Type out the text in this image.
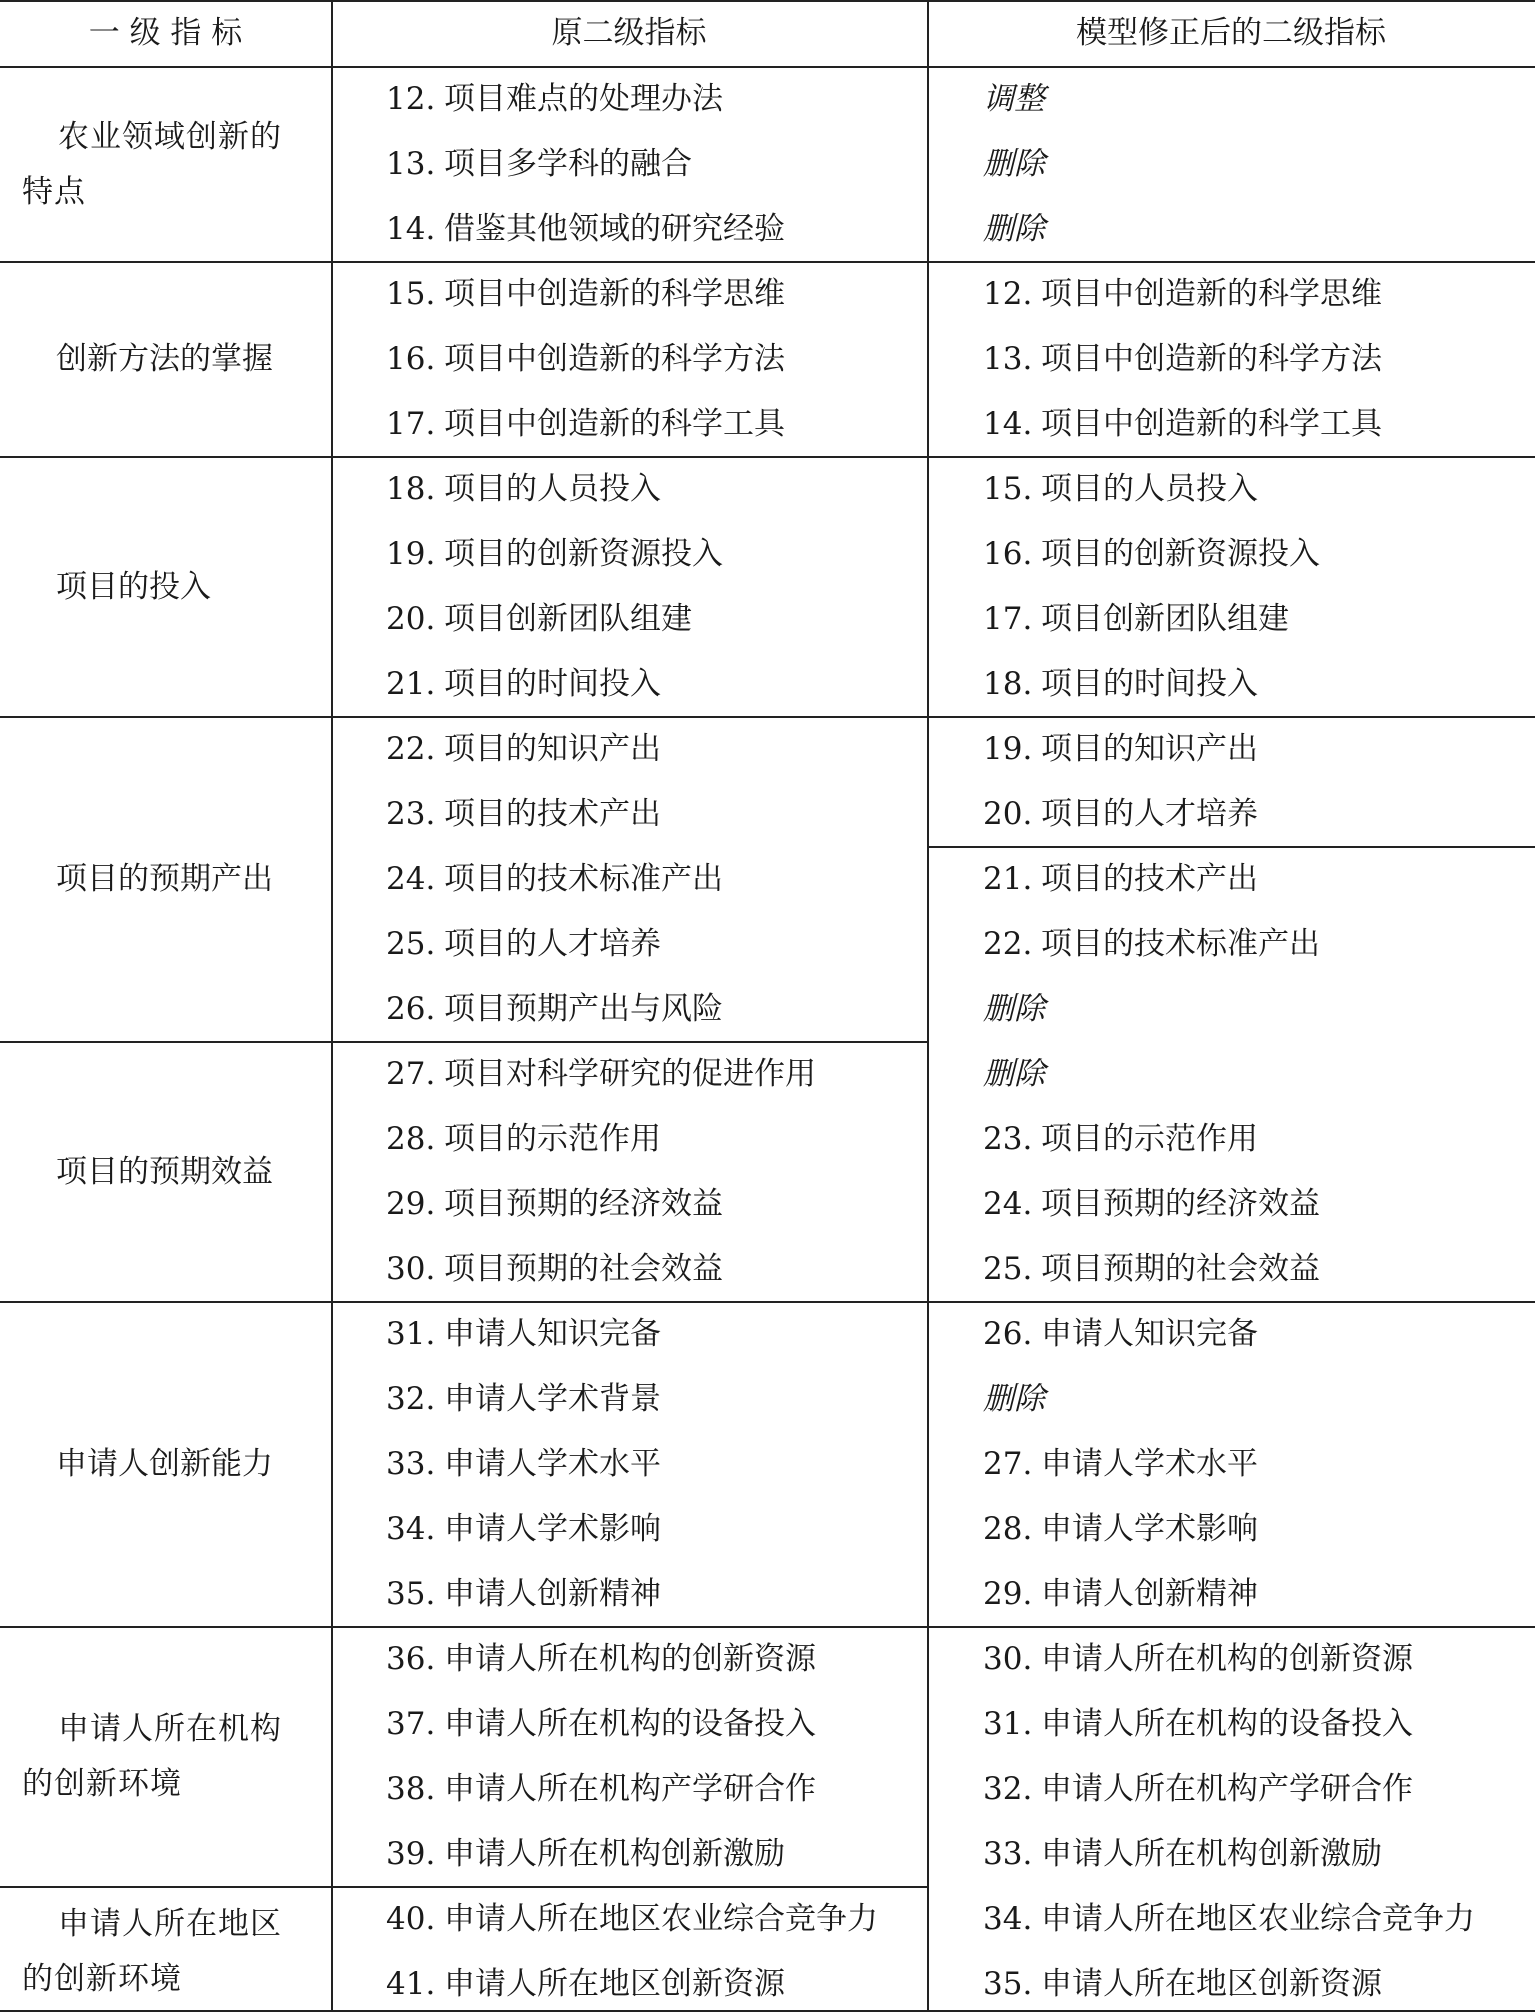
一 级 指 标	原二级指标	模型修正后的二级指标
农业领域创新的
特点
创新方法的掌握
项目的投入
项目的预期产出
项目的预期效益
申请人创新能力
申请人所在机构
的创新环境
申请人所在地区
的创新环境
12. 项目难点的处理办法
13. 项目多学科的融合
14. 借鉴其他领域的研究经验
15. 项目中创造新的科学思维
16. 项目中创造新的科学方法
17. 项目中创造新的科学工具
18. 项目的人员投入
19. 项目的创新资源投入
20. 项目创新团队组建
21. 项目的时间投入
22. 项目的知识产出
23. 项目的技术产出
24. 项目的技术标准产出
25. 项目的人才培养
26. 项目预期产出与风险
27. 项目对科学研究的促进作用
28. 项目的示范作用
29. 项目预期的经济效益
30. 项目预期的社会效益
31. 申请人知识完备
32. 申请人学术背景
33. 申请人学术水平
34. 申请人学术影响
35. 申请人创新精神
36. 申请人所在机构的创新资源
37. 申请人所在机构的设备投入
38. 申请人所在机构产学研合作
39. 申请人所在机构创新激励
40. 申请人所在地区农业综合竞争力
41. 申请人所在地区创新资源
调整
删除
删除
12. 项目中创造新的科学思维
13. 项目中创造新的科学方法
14. 项目中创造新的科学工具
15. 项目的人员投入
16. 项目的创新资源投入
17. 项目创新团队组建
18. 项目的时间投入
19. 项目的知识产出
20. 项目的人才培养
21. 项目的技术产出
22. 项目的技术标准产出
删除
删除
23. 项目的示范作用
24. 项目预期的经济效益
25. 项目预期的社会效益
26. 申请人知识完备
删除
27. 申请人学术水平
28. 申请人学术影响
29. 申请人创新精神
30. 申请人所在机构的创新资源
31. 申请人所在机构的设备投入
32. 申请人所在机构产学研合作
33. 申请人所在机构创新激励
34. 申请人所在地区农业综合竞争力
35. 申请人所在地区创新资源
